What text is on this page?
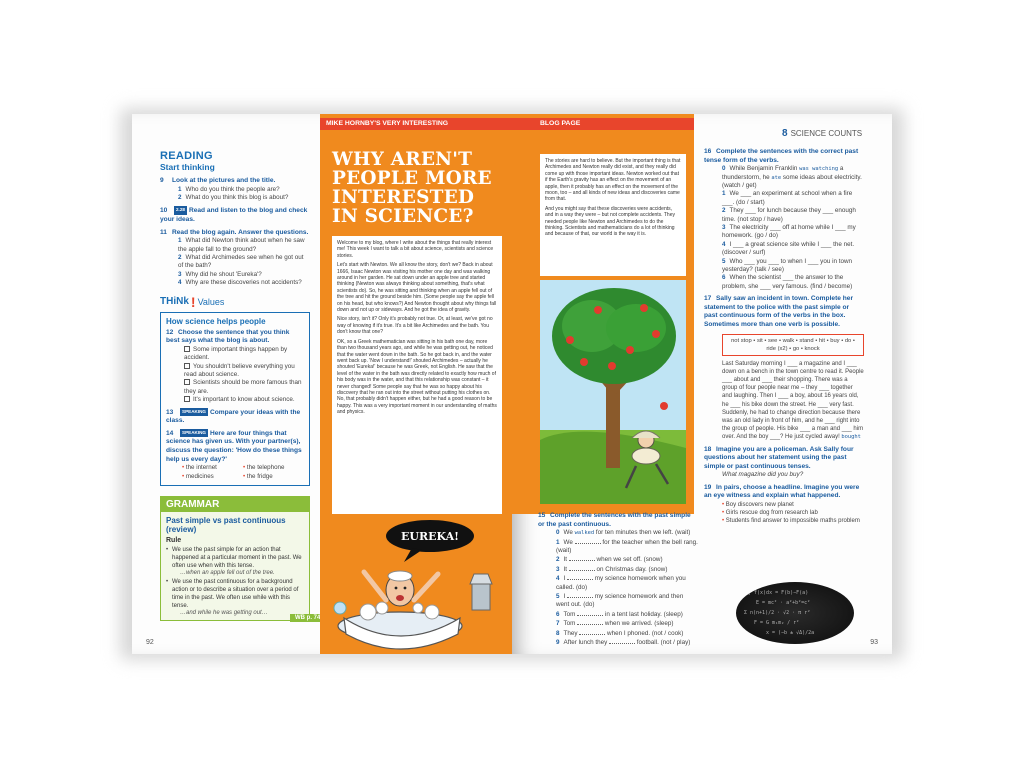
READING
Start thinking
9 Look at the pictures and the title.
1 Who do you think the people are?
2 What do you think this blog is about?
10 2.28 Read and listen to the blog and check your ideas.
11 Read the blog again. Answer the questions.
1 What did Newton think about when he saw the apple fall to the ground?
2 What did Archimedes see when he got out of the bath?
3 Why did he shout 'Eureka'?
4 Why are these discoveries not accidents?
THiNk ! Values
How science helps people
12 Choose the sentence that you think best says what the blog is about.
Some important things happen by accident.
You shouldn't believe everything you read about science.
Scientists should be more famous than they are.
It's important to know about science.
13 SPEAKING Compare your ideas with the class.
14 SPEAKING Here are four things that science has given us. With your partner(s), discuss the question: 'How do these things help us every day?'
• the internet	• the telephone
• medicines	• the fridge
GRAMMAR
Past simple vs past continuous (review)
Rule
• We use the past simple for an action that happened at a particular moment in the past. We often use when with this tense.
…when an apple fell out of the tree.
• We use the past continuous for a background action or to describe a situation over a period of time in the past. We often use while with this tense.
…and while he was getting out…
WB p. 74
92
MIKE HORNBY'S VERY INTERESTING
WHY AREN'T PEOPLE MORE INTERESTED IN SCIENCE?

Welcome to my blog, where I write about the things that really interest me! This week I want to talk a bit about science, scientists and science stories.

Let's start with Newton. We all know the story, don't we? Back in about 1666, Isaac Newton was visiting his mother one day and was walking around in her garden. He sat down under an apple tree and started thinking (Newton was always thinking about something, that's what scientists do). So, he was sitting and thinking when an apple fell out of the tree and hit the ground beside him. (Some people say the apple fell on his head, but who knows?) And Newton thought about why things fall down and not up or sideways. And he got the idea of gravity.

Nice story, isn't it? Only it's probably not true. Or, at least, we've got no way of knowing if it's true. It's a bit like Archimedes and the bath. You don't know that one?

OK, so a Greek mathematician was sitting in his bath one day, more than two thousand years ago, and while he was getting out, he noticed that the water went down in the bath. So he got back in, and the water went back up. 'Now I understand!' shouted Archimedes – actually he shouted 'Eureka!' because he was Greek, not English. He saw that the level of the water in the bath was directly related to exactly how much of his body was in the water, and that this relationship was constant – it never changed! Some people say that he was so happy about his discovery that he ran out into the street without putting his clothes on. No, that probably didn't happen either, but he had a good reason to be happy. This was a very important moment in our understanding of maths and physics.

EUREKA!
BLOG PAGE

The stories are hard to believe. But the important thing is that Archimedes and Newton really did exist, and they really did come up with those important ideas. Newton worked out that if the Earth's gravity has an effect on the movement of an apple, then it probably has an effect on the movement of the moon, too – and all kinds of new ideas and discoveries came from that.

And you might say that these discoveries were accidents, and in a way they were – but not complete accidents. They needed people like Newton and Archimedes to do the thinking. Scientists and mathematicians do a lot of thinking and because of that, our world is the way it is.

8 SCIENCE COUNTS
16 Complete the sentences with the correct past tense form of the verbs.
0 While Benjamin Franklin was watching a thunderstorm, he ate some ideas about electricity. (watch / get)
1 We ___ an experiment at school when a fire ___. (do / start)
2 They ___ for lunch because they ___ enough time. (not stop / have)
3 The electricity ___ off at home while I ___ my homework. (go / do)
4 I ___ a great science site while I ___ the net. (discover / surf)
5 Who ___ you ___ to when I ___ you in town yesterday? (talk / see)
6 When the scientist ___ the answer to the problem, she ___ very famous. (find / become)
17 Sally saw an incident in town. Complete her statement to the police with the past simple or past continuous form of the verbs in the box. Sometimes more than one verb is possible.
not stop • sit • see • walk • stand • hit • buy • do • ride (x2) • go • knock
Last Saturday morning I ___ a magazine and I ___ down on a bench in the town centre to read it. People ___ about and ___ their shopping. There was a group of four people near me – they ___ together and laughing. Then I ___ a boy, about 16 years old, he ___ his bike down the street. He ___ very fast. Suddenly, he had to change direction because there was an old lady in front of him, and he ___ right into the group of people. His bike ___ a man and ___ him over. And the boy ___? He just cycled away! bought
18 Imagine you are a policeman. Ask Sally four questions about her statement using the past simple or past continuous tenses.
What magazine did you buy?
19 In pairs, choose a headline. Imagine you were an eye witness and explain what happened.
• Boy discovers new planet
• Girls rescue dog from research lab
• Students find answer to impossible maths problem
15 Complete the sentences with the past simple or the past continuous.
0 We walked for ten minutes then we left. (wait)
1 We	for the teacher when the bell rang. (wait)
2 It	when we set off. (snow)
3 It	on Christmas day. (snow)
4 I	my science homework when you called. (do)
5 I	my science homework and then went out. (do)
6 Tom	in a tent last holiday. (sleep)
7 Tom	when we arrived. (sleep)
8 They	when I phoned. (not / cook)
9 After lunch they	football. (not / play)
∫ f(x)dx = F(b)−F(a)
E = mc² · a²+b²=c²
Σ n(n+1)/2 · √2 · π r²
F = G m₁m₂ / r²
x = (−b ± √Δ)/2a
93
